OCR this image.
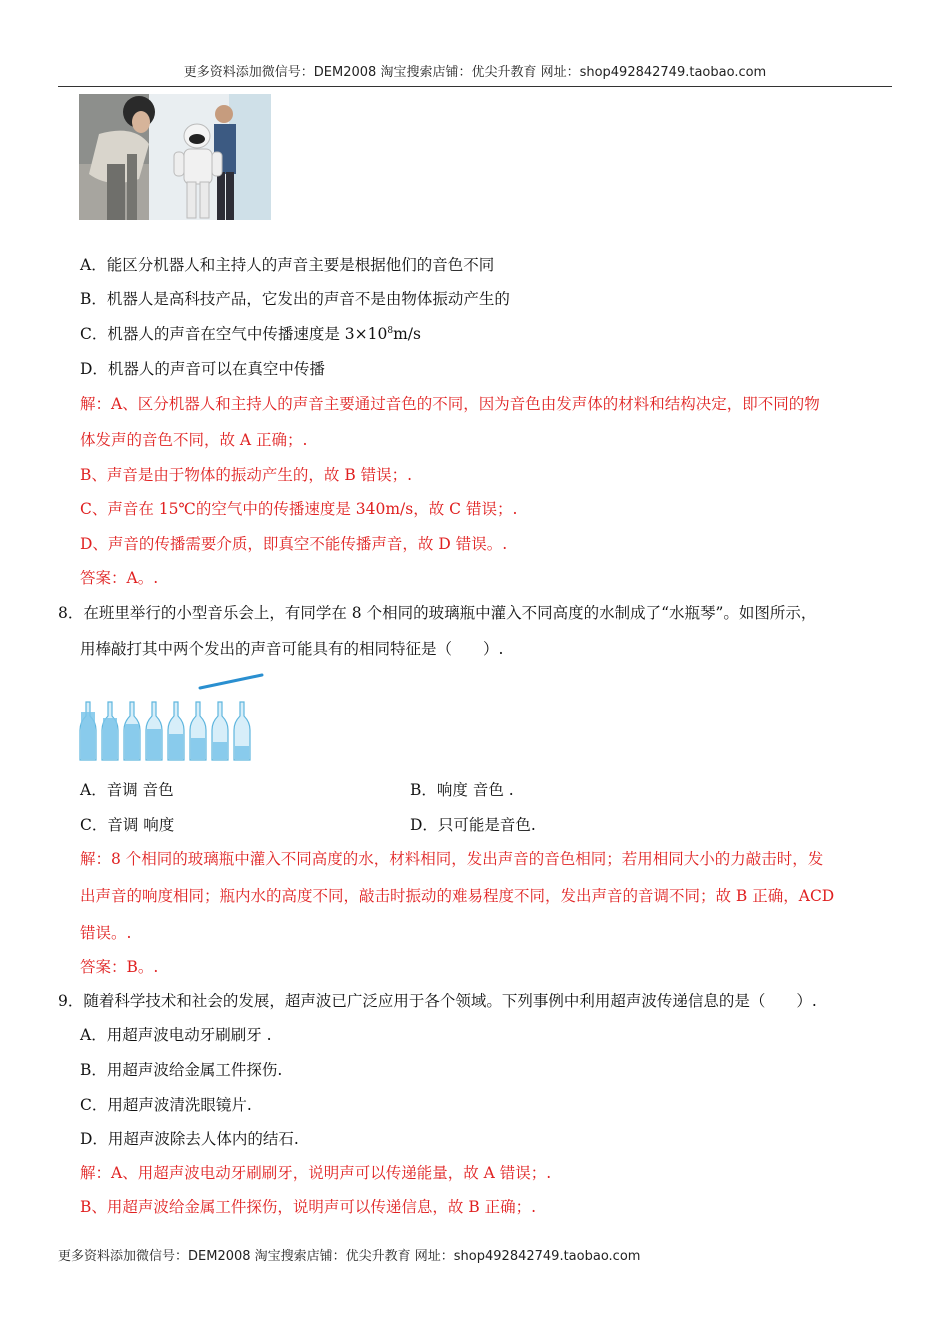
更多资料添加微信号：DEM2008 淘宝搜索店铺：优尖升教育 网址：shop492842749.taobao.com
A．能区分机器人和主持人的声音主要是根据他们的音色不同
B．机器人是高科技产品，它发出的声音不是由物体振动产生的
C．机器人的声音在空气中传播速度是 $3\times 10^8m/s$
D．机器人的声音可以在真空中传播
解：A、区分机器人和主持人的声音主要通过音色的不同，因为音色由发声体的材料和结构决定，即不同的物
体发声的音色不同，故 A 正确；.
B、声音是由于物体的振动产生的，故 B 错误；.
C、声音在 15℃的空气中的传播速度是 340m/s，故 C 错误；.
D、声音的传播需要介质，即真空不能传播声音，故 D 错误。.
答案：A。.
8．在班里举行的小型音乐会上，有同学在 8 个相同的玻璃瓶中灌入不同高度的水制成了“水瓶琴”。如图所示，
用棒敲打其中两个发出的声音可能具有的相同特征是（　　）.
A．音调 音色	B．响度 音色 .
C．音调 响度	D．只可能是音色.
解：8 个相同的玻璃瓶中灌入不同高度的水，材料相同，发出声音的音色相同；若用相同大小的力敲击时，发
出声音的响度相同；瓶内水的高度不同，敲击时振动的难易程度不同，发出声音的音调不同；故 B 正确，ACD
错误。.
答案：B。.
9．随着科学技术和社会的发展，超声波已广泛应用于各个领域。下列事例中利用超声波传递信息的是（　　）.
A．用超声波电动牙刷刷牙 .
B．用超声波给金属工件探伤.
C．用超声波清洗眼镜片.
D．用超声波除去人体内的结石.
解：A、用超声波电动牙刷刷牙，说明声可以传递能量，故 A 错误；.
B、用超声波给金属工件探伤，说明声可以传递信息，故 B 正确；.
更多资料添加微信号：DEM2008 淘宝搜索店铺：优尖升教育 网址：shop492842749.taobao.com
